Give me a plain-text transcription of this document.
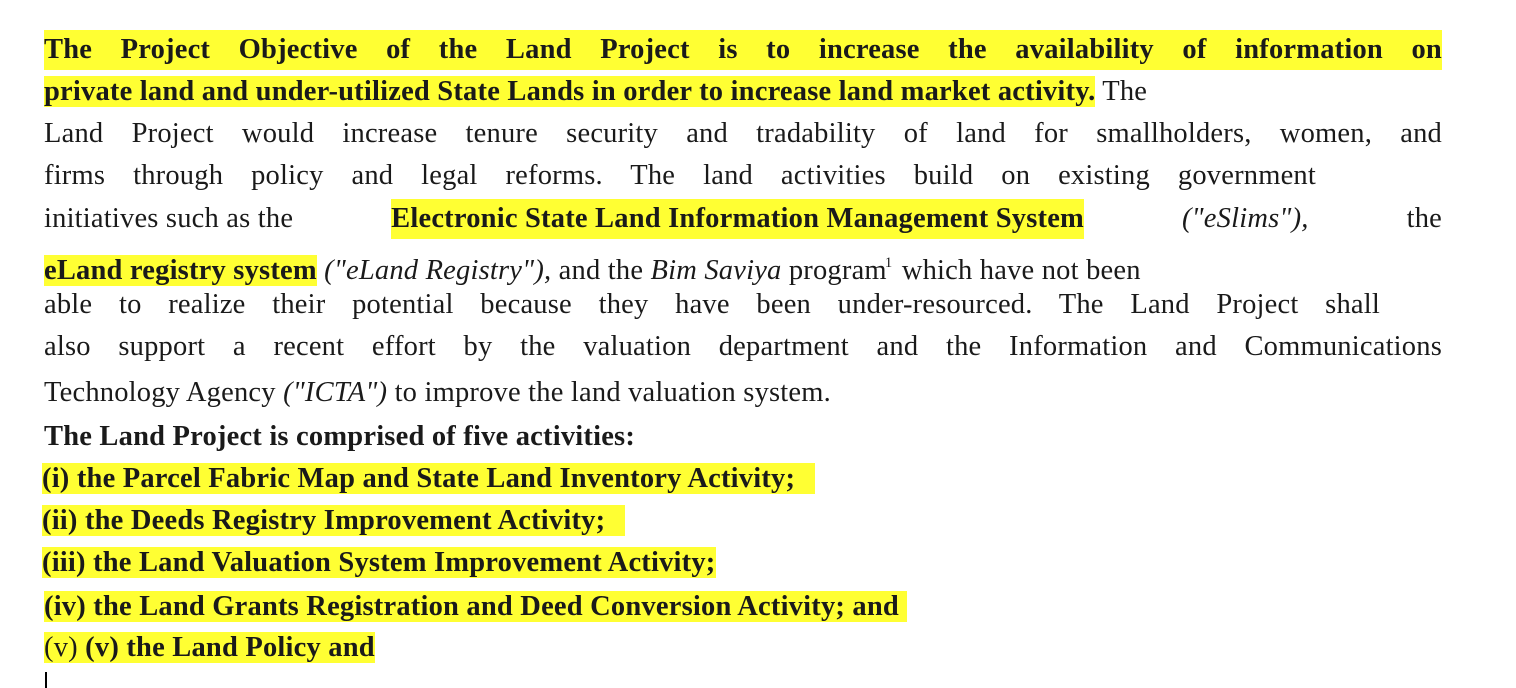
The Project Objective of the Land Project is to increase the availability of information on
private land and under-utilized State Lands in order to increase land market activity. The
Land Project would increase tenure security and tradability of land for smallholders, women, and
firms through policy and legal reforms. The land activities build on existing government
initiatives such as the	Electronic State Land Information Management System	("eSlims"),	the
eLand registry system ("eLand Registry"), and the Bim Saviya program$^1$ which have not been
able to realize their potential because they have been under-resourced. The Land Project shall
also support a recent effort by the valuation department and the Information and Communications
Technology Agency ("ICTA") to improve the land valuation system.
The Land Project is comprised of five activities:
(i) the Parcel Fabric Map and State Land Inventory Activity;
(ii) the Deeds Registry Improvement Activity;
(iii) the Land Valuation System Improvement Activity;
(iv) the Land Grants Registration and Deed Conversion Activity; and
(v) (v) the Land Policy and
